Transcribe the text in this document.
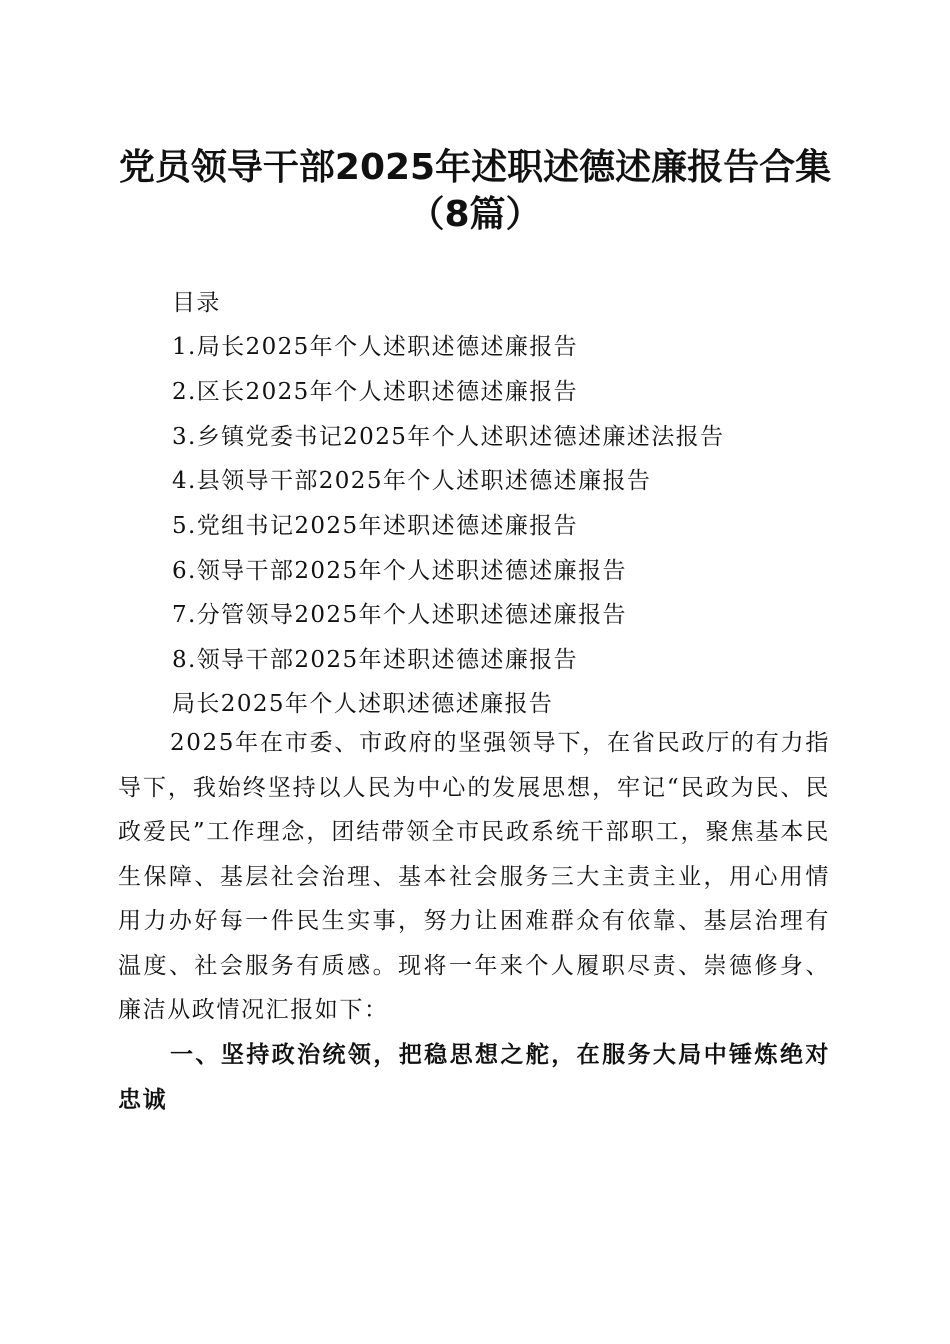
党员领导干部2025年述职述德述廉报告合集
（8篇）
目录
1.局长2025年个人述职述德述廉报告
2.区长2025年个人述职述德述廉报告
3.乡镇党委书记2025年个人述职述德述廉述法报告
4.县领导干部2025年个人述职述德述廉报告
5.党组书记2025年述职述德述廉报告
6.领导干部2025年个人述职述德述廉报告
7.分管领导2025年个人述职述德述廉报告
8.领导干部2025年述职述德述廉报告
局长2025年个人述职述德述廉报告
2025年在市委、市政府的坚强领导下，在省民政厅的有力指导下，我始终坚持以人民为中心的发展思想，牢记“民政为民、民政爱民”工作理念，团结带领全市民政系统干部职工，聚焦基本民生保障、基层社会治理、基本社会服务三大主责主业，用心用情用力办好每一件民生实事，努力让困难群众有依靠、基层治理有温度、社会服务有质感。现将一年来个人履职尽责、崇德修身、廉洁从政情况汇报如下：
一、坚持政治统领，把稳思想之舵，在服务大局中锤炼绝对忠诚
